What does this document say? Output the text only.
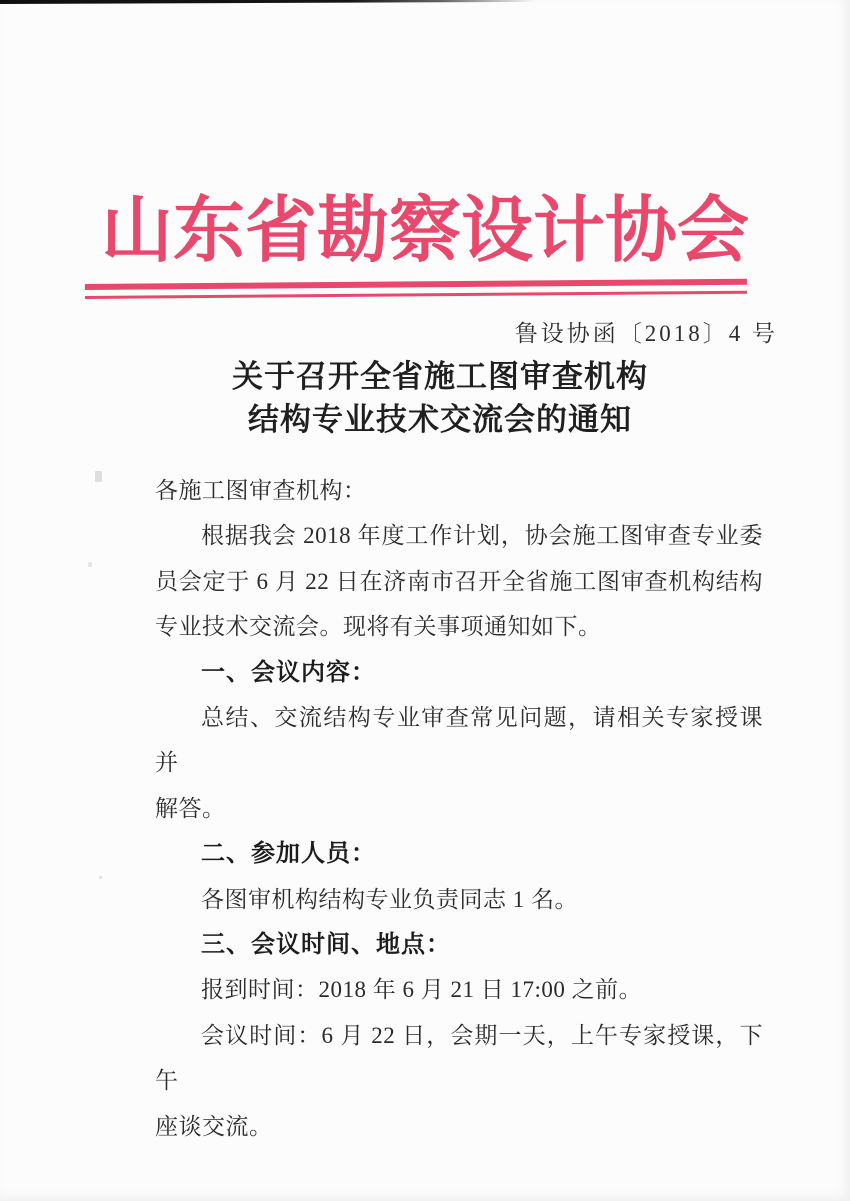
山东省勘察设计协会
鲁设协函〔2018〕4 号
关于召开全省施工图审查机构
结构专业技术交流会的通知
各施工图审查机构：
根据我会 2018 年度工作计划，协会施工图审查专业委
员会定于 6 月 22 日在济南市召开全省施工图审查机构结构
专业技术交流会。现将有关事项通知如下。
一、会议内容：
总结、交流结构专业审查常见问题，请相关专家授课并
解答。
二、参加人员：
各图审机构结构专业负责同志 1 名。
三、会议时间、地点：
报到时间：2018 年 6 月 21 日 17:00 之前。
会议时间：6 月 22 日，会期一天，上午专家授课，下午
座谈交流。
